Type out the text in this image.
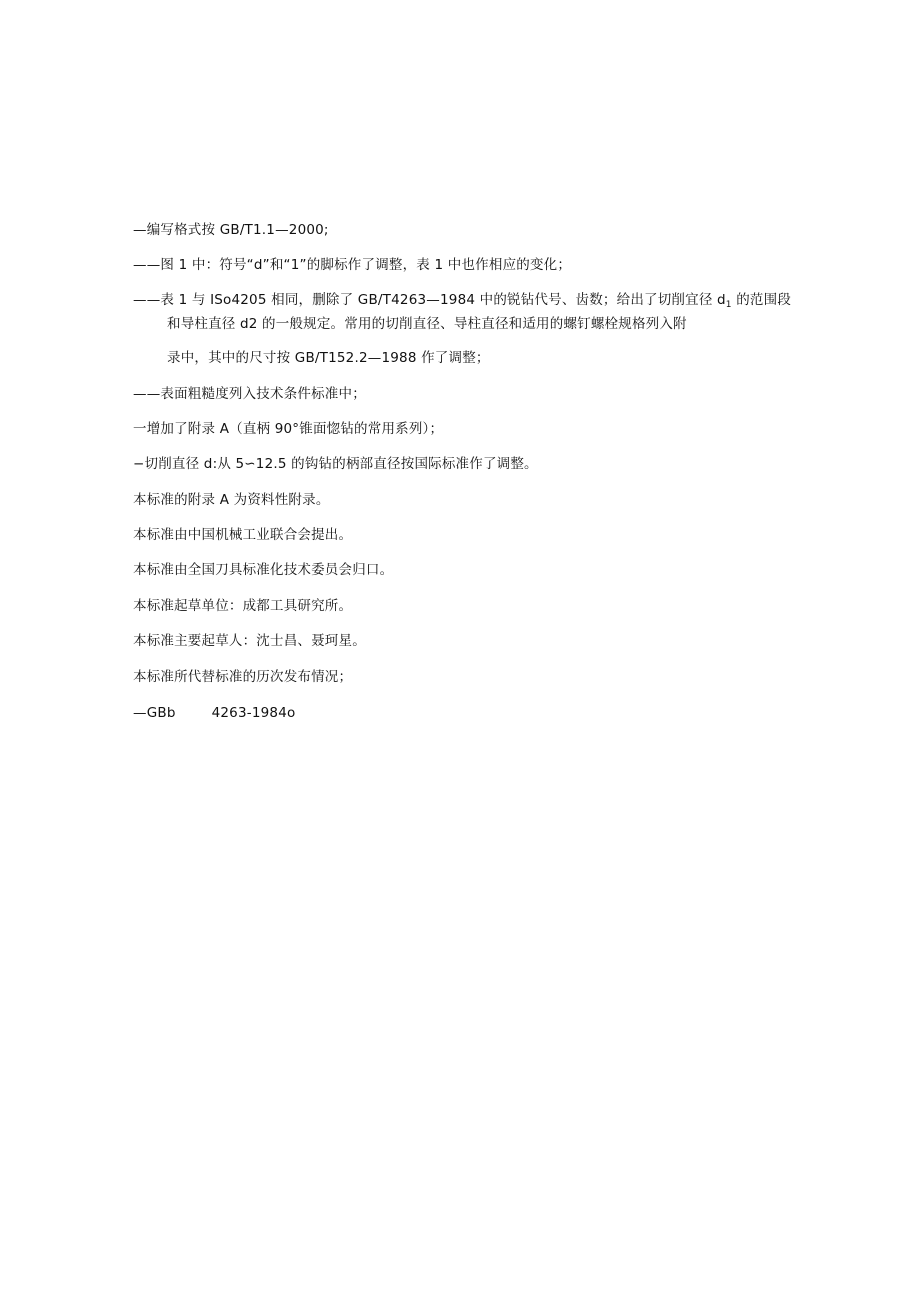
—编写格式按 GB/T1.1—2000;
——图 1 中：符号“d”和“1”的脚标作了调整，表 1 中也作相应的变化；
——表 1 与 ISo4205 相同，删除了 GB/T4263—1984 中的锐钻代号、齿数；给出了切削宜径 $d_1$ 的范围段
和导柱直径 d2 的一般规定。常用的切削直径、导柱直径和适用的螺钉螺栓规格列入附
录中，其中的尺寸按 GB/T152.2—1988 作了调整；
——表面粗糙度列入技术条件标准中；
一增加了附录 A（直柄 90°锥面惚钻的常用系列）；
−切削直径 d:从 5∽12.5 的钩钻的柄部直径按国际标准作了调整。
本标准的附录 A 为资料性附录。
本标准由中国机械工业联合会提出。
本标准由全国刀具标准化技术委员会归口。
本标准起草单位：成都工具研究所。
本标准主要起草人：沈士昌、聂珂星。
本标准所代替标准的历次发布情况；
—GBb	4263-1984o
